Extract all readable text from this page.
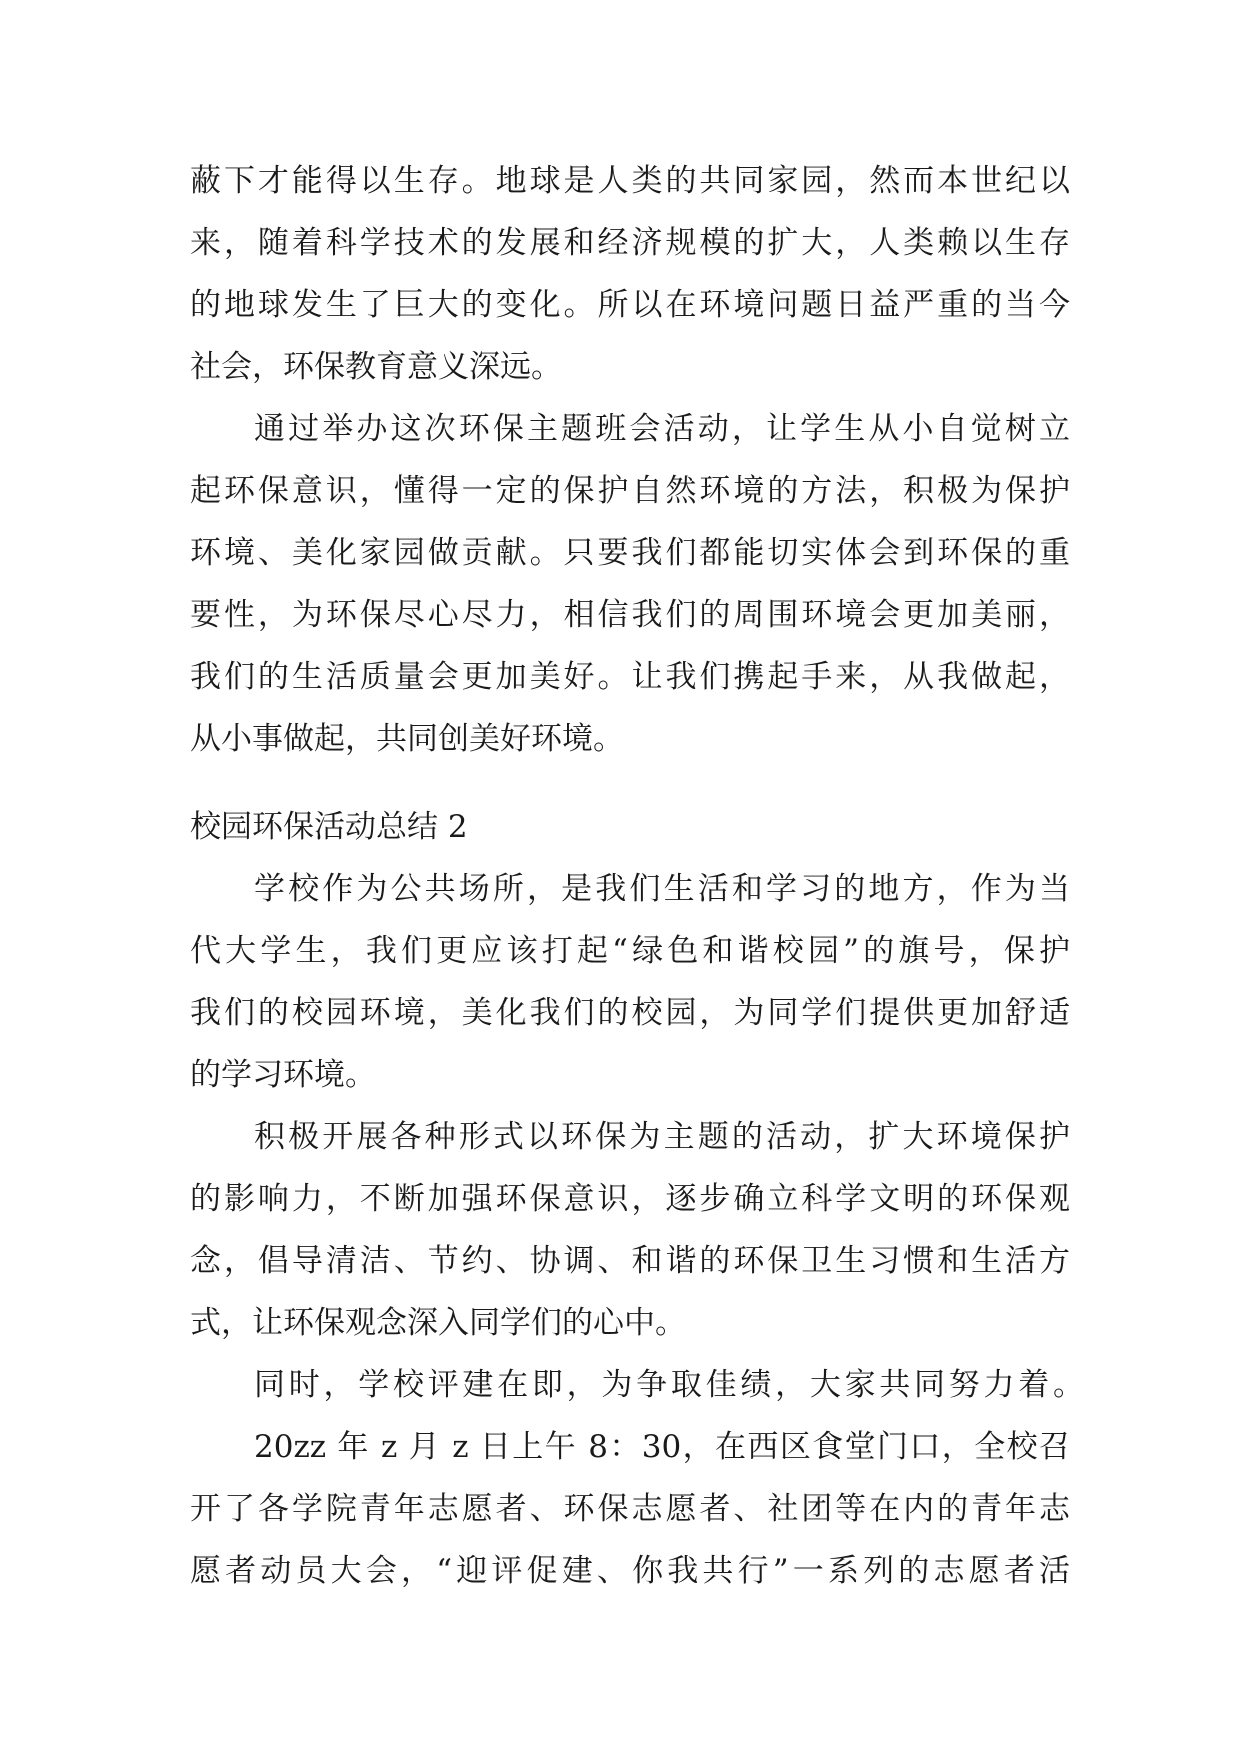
蔽下才能得以生存。地球是人类的共同家园，然而本世纪以
来，随着科学技术的发展和经济规模的扩大，人类赖以生存
的地球发生了巨大的变化。所以在环境问题日益严重的当今
社会，环保教育意义深远。
通过举办这次环保主题班会活动，让学生从小自觉树立
起环保意识，懂得一定的保护自然环境的方法，积极为保护
环境、美化家园做贡献。只要我们都能切实体会到环保的重
要性，为环保尽心尽力，相信我们的周围环境会更加美丽，
我们的生活质量会更加美好。让我们携起手来，从我做起，
从小事做起，共同创美好环境。
校园环保活动总结 2
学校作为公共场所，是我们生活和学习的地方，作为当
代大学生，我们更应该打起“绿色和谐校园”的旗号，保护
我们的校园环境，美化我们的校园，为同学们提供更加舒适
的学习环境。
积极开展各种形式以环保为主题的活动，扩大环境保护
的影响力，不断加强环保意识，逐步确立科学文明的环保观
念，倡导清洁、节约、协调、和谐的环保卫生习惯和生活方
式，让环保观念深入同学们的心中。
同时，学校评建在即，为争取佳绩，大家共同努力着。
20zz 年 z 月 z 日上午 8：30，在西区食堂门口，全校召
开了各学院青年志愿者、环保志愿者、社团等在内的青年志
愿者动员大会，“迎评促建、你我共行”一系列的志愿者活
